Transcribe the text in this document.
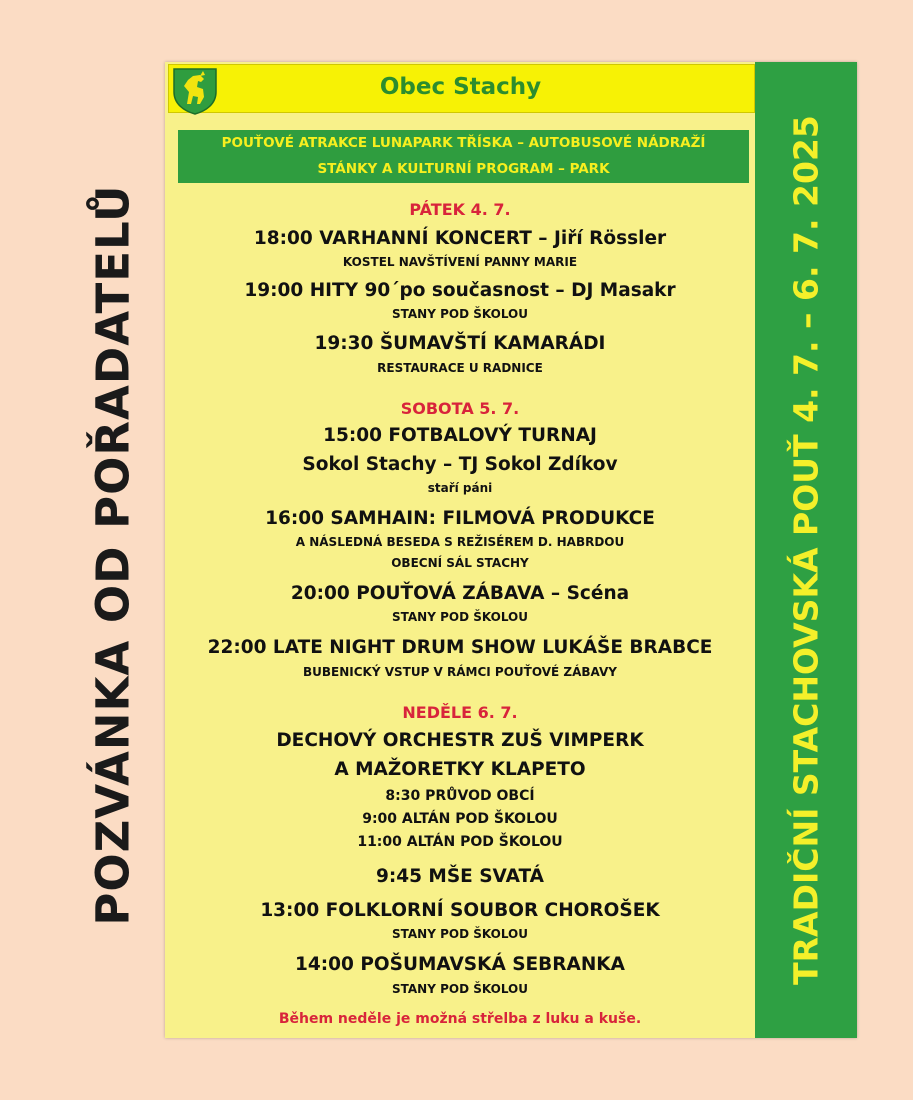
POZVÁNKA OD POŘADATELŮ	TRADIČNÍ STACHOVSKÁ POUŤ 4. 7. – 6. 7. 2025
Obec Stachy
POUŤOVÉ ATRAKCE LUNAPARK TŘÍSKA – AUTOBUSOVÉ NÁDRAŽÍ
STÁNKY A KULTURNÍ PROGRAM – PARK
PÁTEK 4. 7.
18:00 VARHANNÍ KONCERT – Jiří Rössler
KOSTEL NAVŠTÍVENÍ PANNY MARIE
19:00 HITY 90´po současnost – DJ Masakr
STANY POD ŠKOLOU
19:30 ŠUMAVŠTÍ KAMARÁDI
RESTAURACE U RADNICE
SOBOTA 5. 7.
15:00 FOTBALOVÝ TURNAJ
Sokol Stachy – TJ Sokol Zdíkov
staří páni
16:00 SAMHAIN: FILMOVÁ PRODUKCE
A NÁSLEDNÁ BESEDA S REŽISÉREM D. HABRDOU
OBECNÍ SÁL STACHY
20:00 POUŤOVÁ ZÁBAVA – Scéna
STANY POD ŠKOLOU
22:00 LATE NIGHT DRUM SHOW LUKÁŠE BRABCE
BUBENICKÝ VSTUP V RÁMCI POUŤOVÉ ZÁBAVY
NEDĚLE 6. 7.
DECHOVÝ ORCHESTR ZUŠ VIMPERK
A MAŽORETKY KLAPETO
8:30 PRŮVOD OBCÍ
9:00 ALTÁN POD ŠKOLOU
11:00 ALTÁN POD ŠKOLOU
9:45 MŠE SVATÁ
13:00 FOLKLORNÍ SOUBOR CHOROŠEK
STANY POD ŠKOLOU
14:00 POŠUMAVSKÁ SEBRANKA
STANY POD ŠKOLOU
Během neděle je možná střelba z luku a kuše.
